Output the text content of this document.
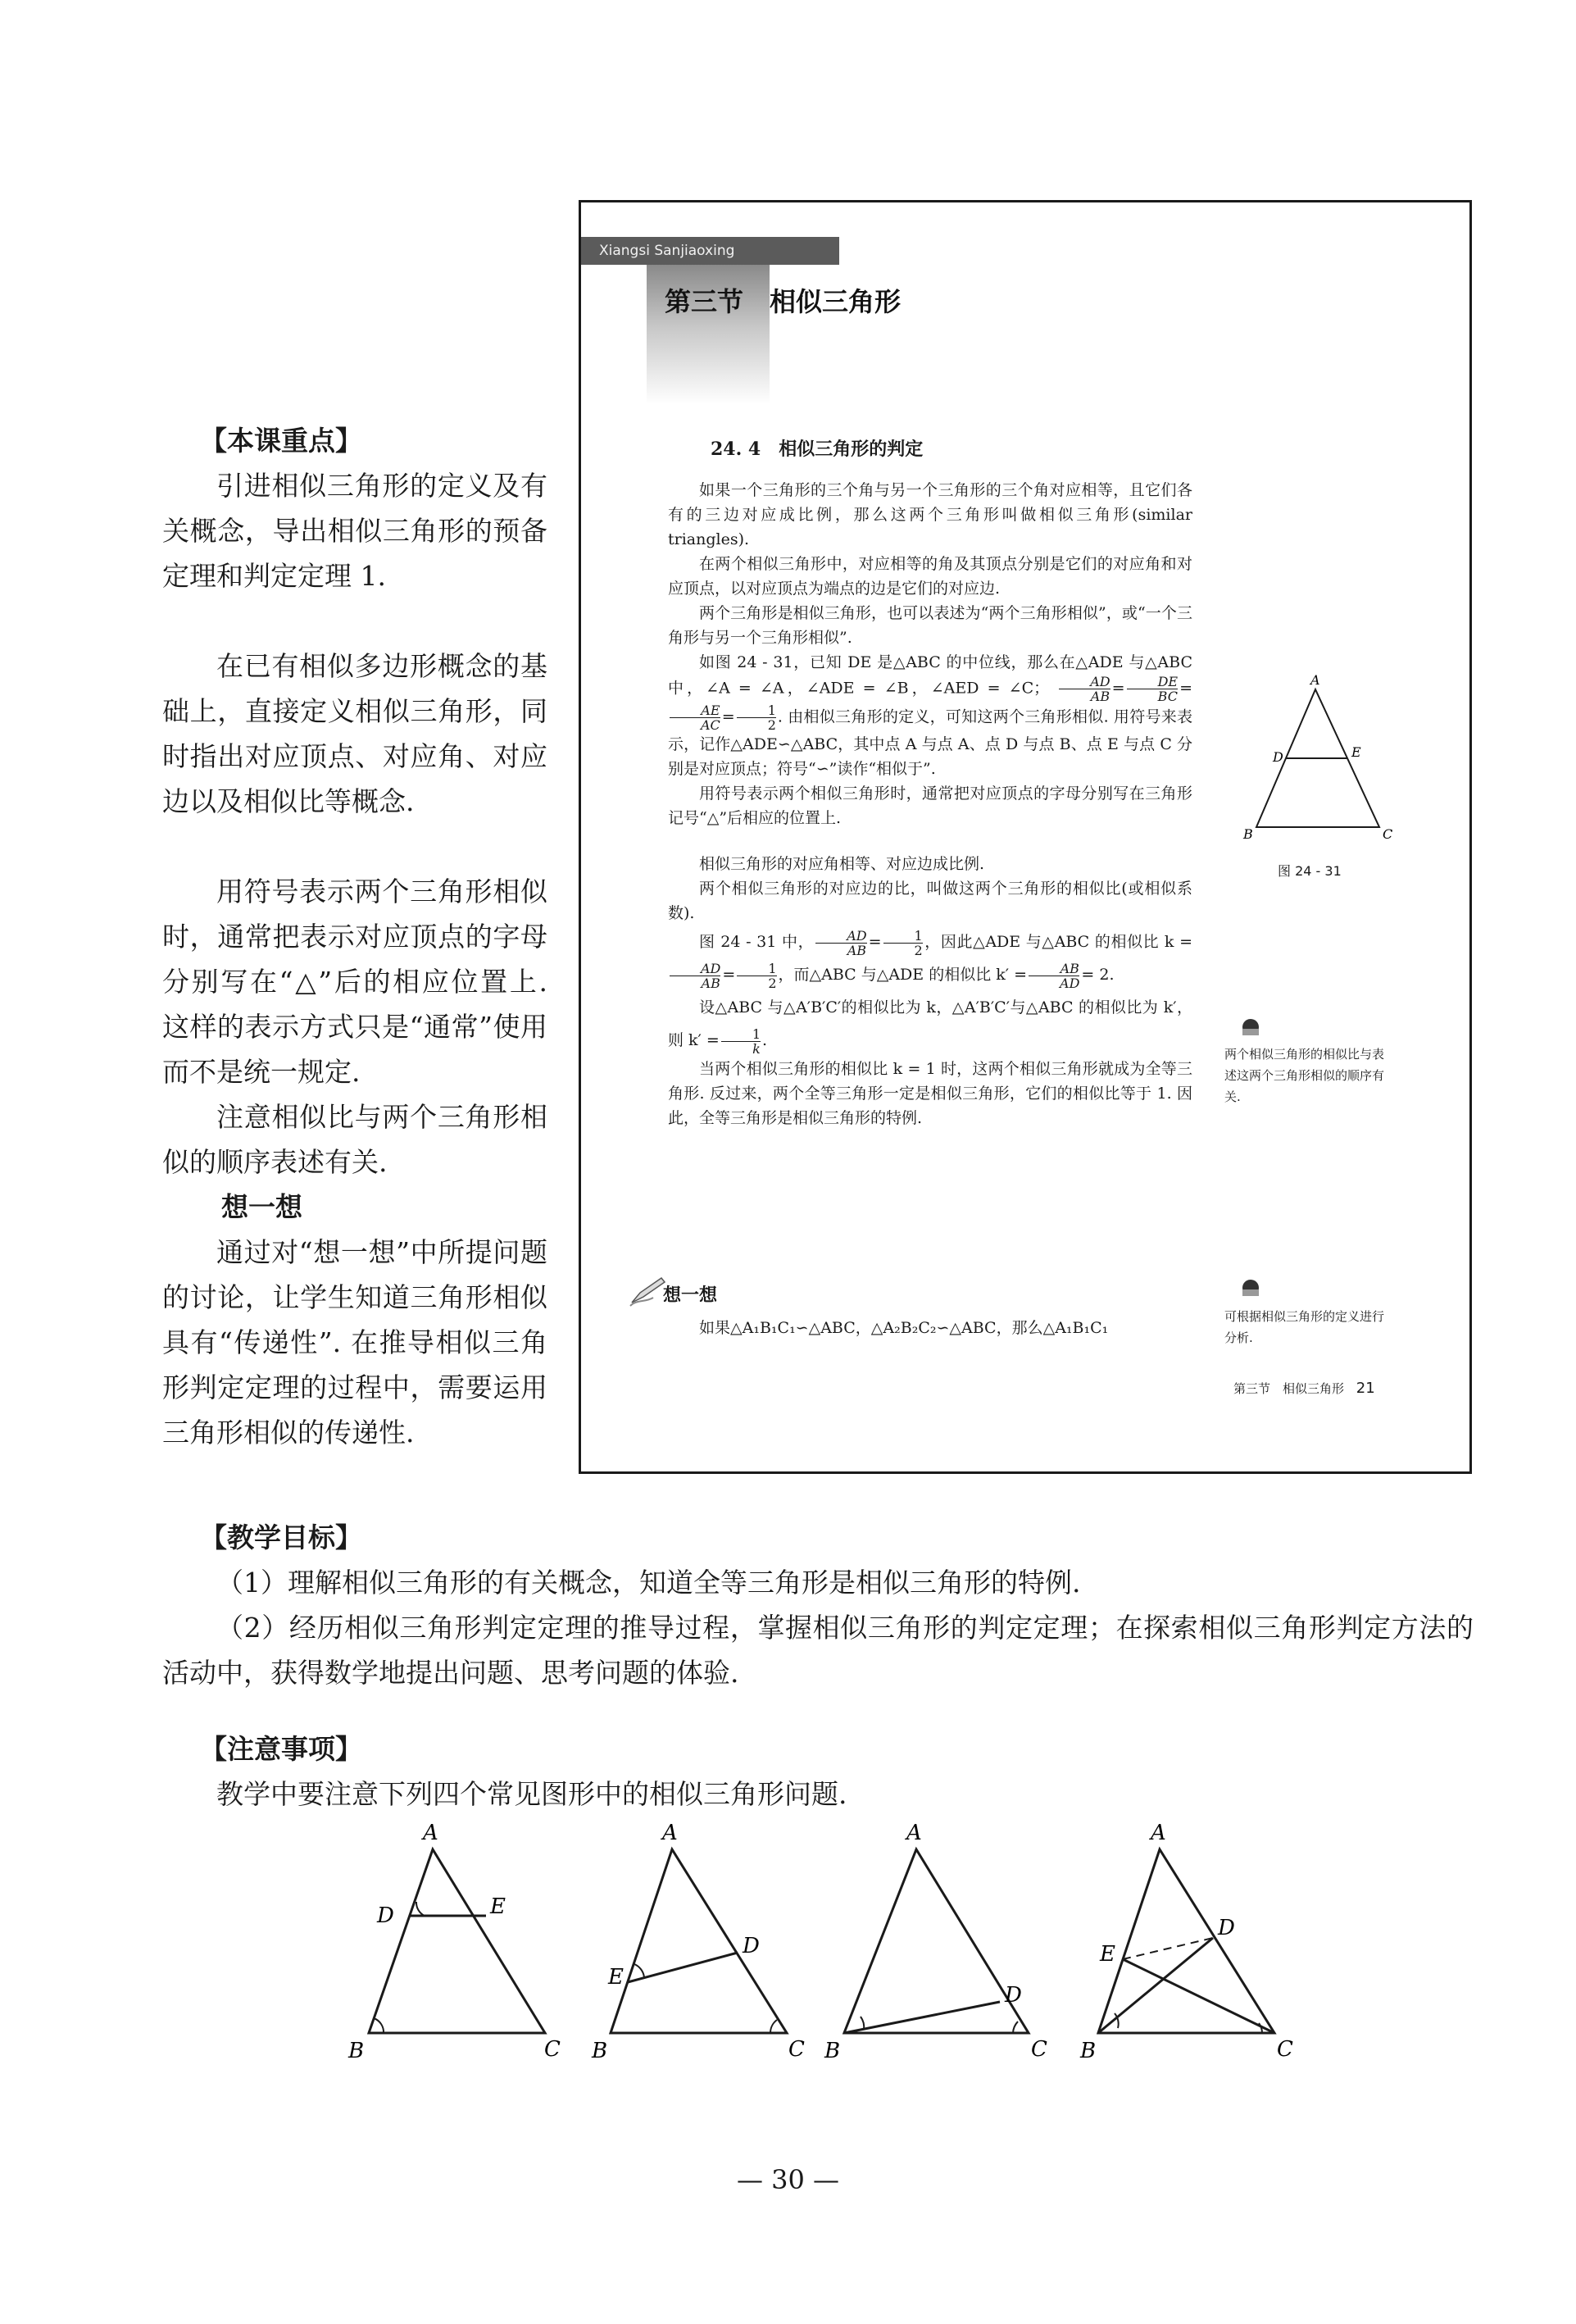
【本课重点】

引进相似三角形的定义及有关概念，导出相似三角形的预备定理和判定定理 1.

在已有相似多边形概念的基础上，直接定义相似三角形，同时指出对应顶点、对应角、对应边以及相似比等概念.

用符号表示两个三角形相似时，通常把表示对应顶点的字母分别写在“△”后的相应位置上. 这样的表示方式只是“通常”使用而不是统一规定.

注意相似比与两个三角形相似的顺序表述有关.

想一想

通过对“想一想”中所提问题的讨论，让学生知道三角形相似具有“传递性”. 在推导相似三角形判定定理的过程中，需要运用三角形相似的传递性.

Xiangsi Sanjiaoxing
第三节　相似三角形
24. 4　相似三角形的判定

如果一个三角形的三个角与另一个三角形的三个角对应相等，且它们各有的三边对应成比例，那么这两个三角形叫做相似三角形(similar triangles).

在两个相似三角形中，对应相等的角及其顶点分别是它们的对应角和对应顶点，以对应顶点为端点的边是它们的对应边.

两个三角形是相似三角形，也可以表述为“两个三角形相似”，或“一个三角形与另一个三角形相似”.

如图 24 - 31，已知 DE 是△ABC 的中位线，那么在△ADE 与△ABC 中，∠A = ∠A，∠ADE = ∠B，∠AED = ∠C； $\frac{AD}{AB} = \frac{DE}{BC}$ =
$\frac{AE}{AC} = \frac{1}{2}$ . 由相似三角形的定义，可知这两个三角形相似. 用符号来表示，记作△ADE∽△ABC，其中点 A 与点 A、点 D 与点 B、点 E 与点 C 分别是对应顶点；符号“∽”读作“相似于”.

用符号表示两个相似三角形时，通常把对应顶点的字母分别写在三角形记号“△”后相应的位置上.

相似三角形的对应角相等、对应边成比例.

两个相似三角形的对应边的比，叫做这两个三角形的相似比(或相似系数).

图 24 - 31 中， $\frac{AD}{AB} = \frac{1}{2}$ ，因此△ADE 与△ABC 的相似比 k =
$\frac{AD}{AB} = \frac{1}{2}$ ，而△ABC 与△ADE 的相似比 $k' = \frac{AB}{AD} = 2$.

设△ABC 与△A′B′C′的相似比为 k，△A′B′C′与△ABC 的相似比为 k′，则 $k' = \frac{1}{k}$ .

当两个相似三角形的相似比 k = 1 时，这两个相似三角形就成为全等三角形. 反过来，两个全等三角形一定是相似三角形，它们的相似比等于 1. 因此，全等三角形是相似三角形的特例.

想一想
如果△A₁B₁C₁∽△ABC，△A₂B₂C₂∽△ABC，那么△A₁B₁C₁
A
B	C
D	E
图 24 - 31
两个相似三角形的相似比与表述这两个三角形相似的顺序有关.
可根据相似三角形的定义进行分析.
第三节　相似三角形 21
【教学目标】

（1）理解相似三角形的有关概念，知道全等三角形是相似三角形的特例.

（2）经历相似三角形判定定理的推导过程，掌握相似三角形的判定定理；在探索相似三角形判定方法的活动中，获得数学地提出问题、思考问题的体验.

【注意事项】

教学中要注意下列四个常见图形中的相似三角形问题.

A
B	C
D	E
A
B	C
D
E
A
B	C
D
A
B	C
D
E
— 30 —
